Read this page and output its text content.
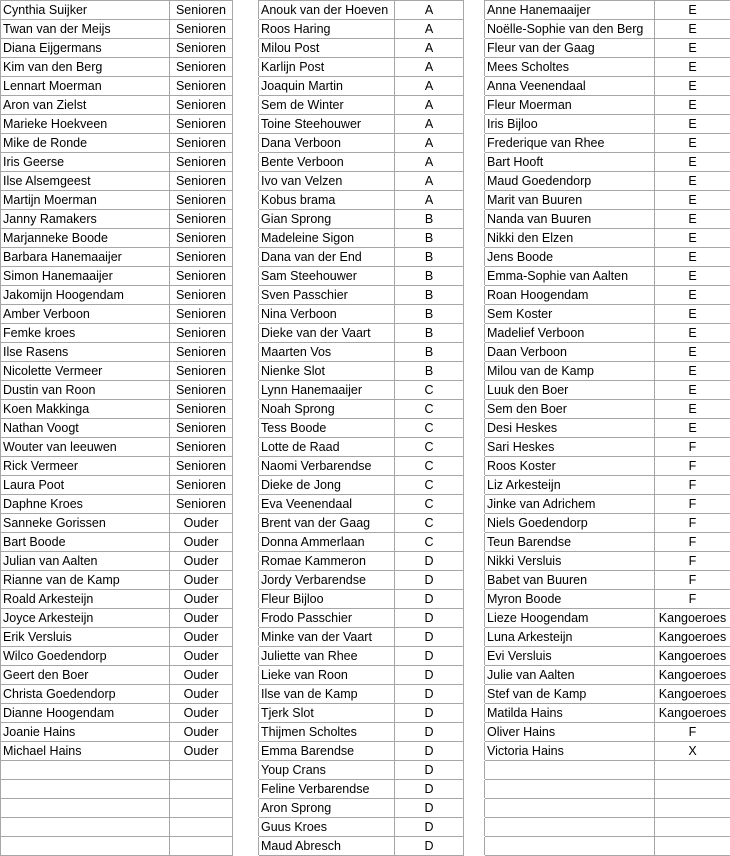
Cynthia Suijker	Senioren		Anouk van der Hoeven	A		Anne Hanemaaijer	E
Twan van der Meijs	Senioren		Roos Haring	A		Noëlle-Sophie van den Berg	E
Diana Eijgermans	Senioren		Milou Post	A		Fleur van der Gaag	E
Kim van den Berg	Senioren		Karlijn Post	A		Mees Scholtes	E
Lennart Moerman	Senioren		Joaquin Martin	A		Anna Veenendaal	E
Aron van Zielst	Senioren		Sem de Winter	A		Fleur Moerman	E
Marieke Hoekveen	Senioren		Toine Steehouwer	A		Iris Bijloo	E
Mike de Ronde	Senioren		Dana Verboon	A		Frederique van Rhee	E
Iris Geerse	Senioren		Bente Verboon	A		Bart Hooft	E
Ilse Alsemgeest	Senioren		Ivo van Velzen	A		Maud Goedendorp	E
Martijn Moerman	Senioren		Kobus brama	A		Marit van Buuren	E
Janny Ramakers	Senioren		Gian Sprong	B		Nanda van Buuren	E
Marjanneke Boode	Senioren		Madeleine Sigon	B		Nikki den Elzen	E
Barbara Hanemaaijer	Senioren		Dana van der End	B		Jens Boode	E
Simon Hanemaaijer	Senioren		Sam Steehouwer	B		Emma-Sophie van Aalten	E
Jakomijn Hoogendam	Senioren		Sven Passchier	B		Roan Hoogendam	E
Amber Verboon	Senioren		Nina Verboon	B		Sem Koster	E
Femke kroes	Senioren		Dieke van der Vaart	B		Madelief Verboon	E
Ilse Rasens	Senioren		Maarten Vos	B		Daan Verboon	E
Nicolette Vermeer	Senioren		Nienke Slot	B		Milou van de Kamp	E
Dustin van Roon	Senioren		Lynn Hanemaaijer	C		Luuk den Boer	E
Koen Makkinga	Senioren		Noah Sprong	C		Sem den Boer	E
Nathan Voogt	Senioren		Tess Boode	C		Desi Heskes	E
Wouter van leeuwen	Senioren		Lotte de Raad	C		Sari Heskes	F
Rick Vermeer	Senioren		Naomi Verbarendse	C		Roos Koster	F
Laura Poot	Senioren		Dieke de Jong	C		Liz Arkesteijn	F
Daphne Kroes	Senioren		Eva Veenendaal	C		Jinke van Adrichem	F
Sanneke Gorissen	Ouder		Brent van der Gaag	C		Niels Goedendorp	F
Bart Boode	Ouder		Donna Ammerlaan	C		Teun Barendse	F
Julian van Aalten	Ouder		Romae Kammeron	D		Nikki Versluis	F
Rianne van de Kamp	Ouder		Jordy Verbarendse	D		Babet van Buuren	F
Roald Arkesteijn	Ouder		Fleur Bijloo	D		Myron Boode	F
Joyce Arkesteijn	Ouder		Frodo Passchier	D		Lieze Hoogendam	Kangoeroes
Erik Versluis	Ouder		Minke van der Vaart	D		Luna Arkesteijn	Kangoeroes
Wilco Goedendorp	Ouder		Juliette van Rhee	D		Evi Versluis	Kangoeroes
Geert den Boer	Ouder		Lieke van Roon	D		Julie van Aalten	Kangoeroes
Christa Goedendorp	Ouder		Ilse van de Kamp	D		Stef van de Kamp	Kangoeroes
Dianne Hoogendam	Ouder		Tjerk Slot	D		Matilda Hains	Kangoeroes
Joanie Hains	Ouder		Thijmen Scholtes	D		Oliver Hains	F
Michael Hains	Ouder		Emma Barendse	D		Victoria Hains	X
			Youp Crans	D			
			Feline Verbarendse	D			
			Aron Sprong	D			
			Guus Kroes	D			
			Maud Abresch	D			
